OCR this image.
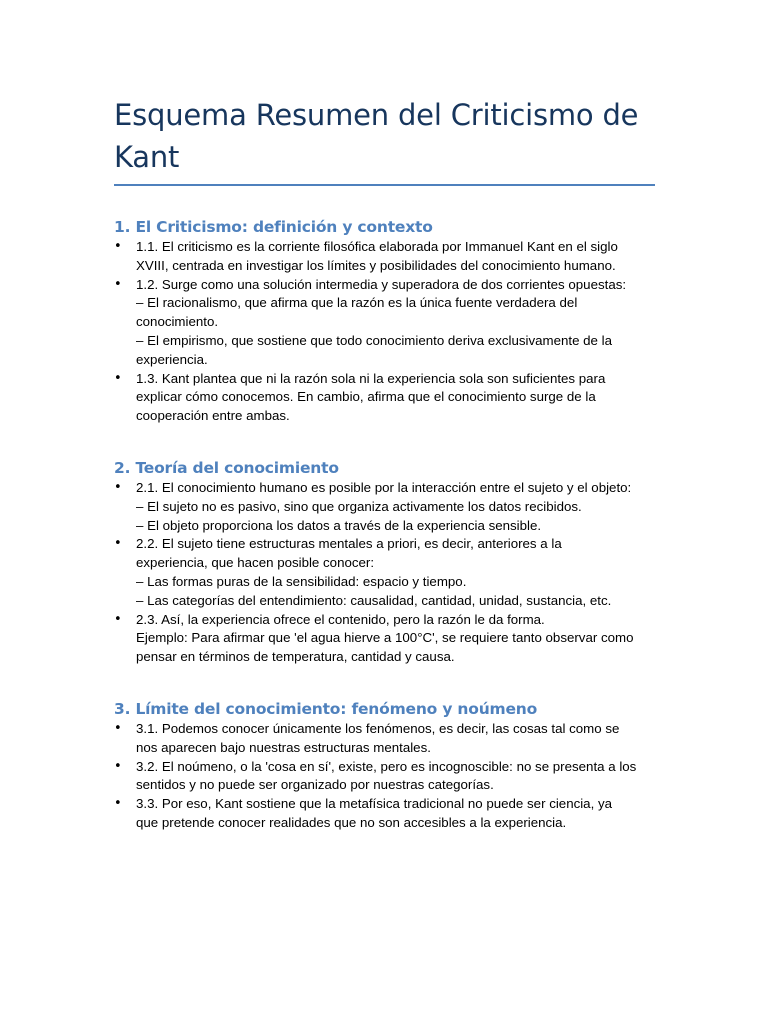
Esquema Resumen del Criticismo de
Kant
1. El Criticismo: definición y contexto
• 1.1. El criticismo es la corriente filosófica elaborada por Immanuel Kant en el siglo
XVIII, centrada en investigar los límites y posibilidades del conocimiento humano.
• 1.2. Surge como una solución intermedia y superadora de dos corrientes opuestas:
– El racionalismo, que afirma que la razón es la única fuente verdadera del
conocimiento.
– El empirismo, que sostiene que todo conocimiento deriva exclusivamente de la
experiencia.
• 1.3. Kant plantea que ni la razón sola ni la experiencia sola son suficientes para
explicar cómo conocemos. En cambio, afirma que el conocimiento surge de la
cooperación entre ambas.
2. Teoría del conocimiento
• 2.1. El conocimiento humano es posible por la interacción entre el sujeto y el objeto:
– El sujeto no es pasivo, sino que organiza activamente los datos recibidos.
– El objeto proporciona los datos a través de la experiencia sensible.
• 2.2. El sujeto tiene estructuras mentales a priori, es decir, anteriores a la
experiencia, que hacen posible conocer:
– Las formas puras de la sensibilidad: espacio y tiempo.
– Las categorías del entendimiento: causalidad, cantidad, unidad, sustancia, etc.
• 2.3. Así, la experiencia ofrece el contenido, pero la razón le da forma.
Ejemplo: Para afirmar que 'el agua hierve a 100°C', se requiere tanto observar como
pensar en términos de temperatura, cantidad y causa.
3. Límite del conocimiento: fenómeno y noúmeno
• 3.1. Podemos conocer únicamente los fenómenos, es decir, las cosas tal como se
nos aparecen bajo nuestras estructuras mentales.
• 3.2. El noúmeno, o la 'cosa en sí', existe, pero es incognoscible: no se presenta a los
sentidos y no puede ser organizado por nuestras categorías.
• 3.3. Por eso, Kant sostiene que la metafísica tradicional no puede ser ciencia, ya
que pretende conocer realidades que no son accesibles a la experiencia.
